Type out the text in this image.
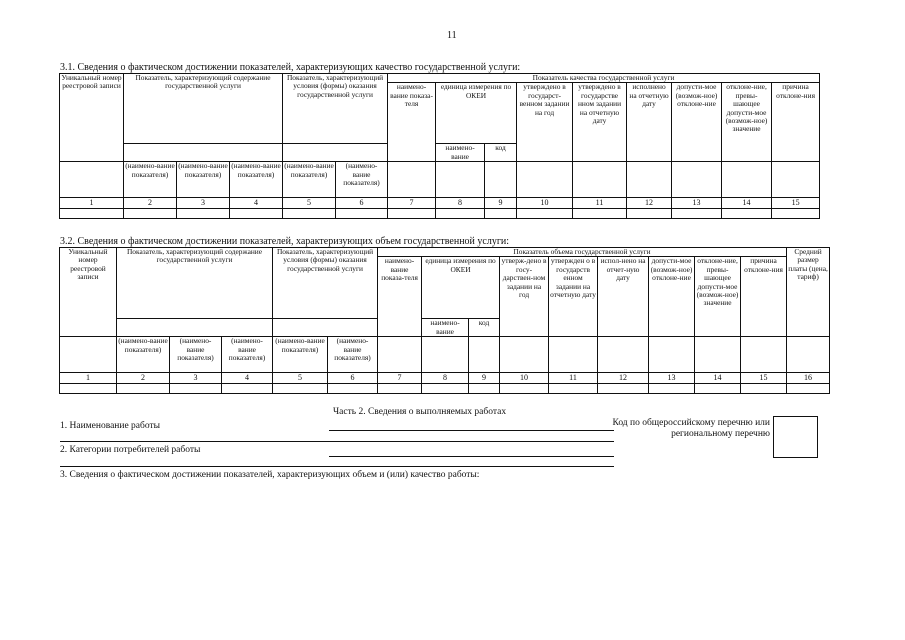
11
3.1. Сведения о фактическом достижении показателей, характеризующих качество государственной услуги:
Уникальный номер реестровой записи	Показатель, характеризующий содержание государственной услуги			Показатель, характеризующий условия (формы) оказания государственной услуги		Показатель качества государственной услуги								
						наимено-вание показа-теля	единица измерения по ОКЕИ		утверждено в государст-венном задании на год	утверждено в государстве нном задании на отчетную дату	исполнено на отчетную дату	допусти-мое (возмож-ное) отклоне-ние	отклоне-ние, превы-шающее допусти-мое (возмож-ное) значение	причина отклоне-ния
							наимено-вание	код						

	(наимено-вание показателя)	(наимено-вание показателя)	(наимено-вание показателя)	(наимено-вание показателя)	(наимено-вание показателя)									
1	2	3	4	5	6	7	8	9	10	11	12	13	14	15

3.2. Сведения о фактическом достижении показателей, характеризующих объем государственной услуги:
Уникальный номер реестровой записи	Показатель, характеризующий содержание государственной услуги			Показатель, характеризующий условия (формы) оказания государственной услуги		Показатель объема государственной услуги									Средний размер платы (цена, тариф)
						наимено-вание показа-теля	единица измерения по ОКЕИ		утверж-дено в госу-дарствен-ном задании на год	утвержден о в государств енном задании на отчетную дату	испол-нено на отчет-ную дату	допусти-мое (возмож-ное) отклоне-ние	отклоне-ние, превы-шающее допусти-мое (возмож-ное) значение	причина отклоне-ния	
							наимено-вание	код							

	(наимено-вание показателя)	(наимено-вание показателя)	(наимено-вание показателя)	(наимено-вание показателя)	(наимено-вание показателя)										
1	2	3	4	5	6	7	8	9	10	11	12	13	14	15	16

Часть 2. Сведения о выполняемых работах
1. Наименование работы
2. Категории потребителей работы
Код по общероссийскому перечню или региональному перечню
3. Сведения о фактическом достижении показателей, характеризующих объем и (или) качество работы:
